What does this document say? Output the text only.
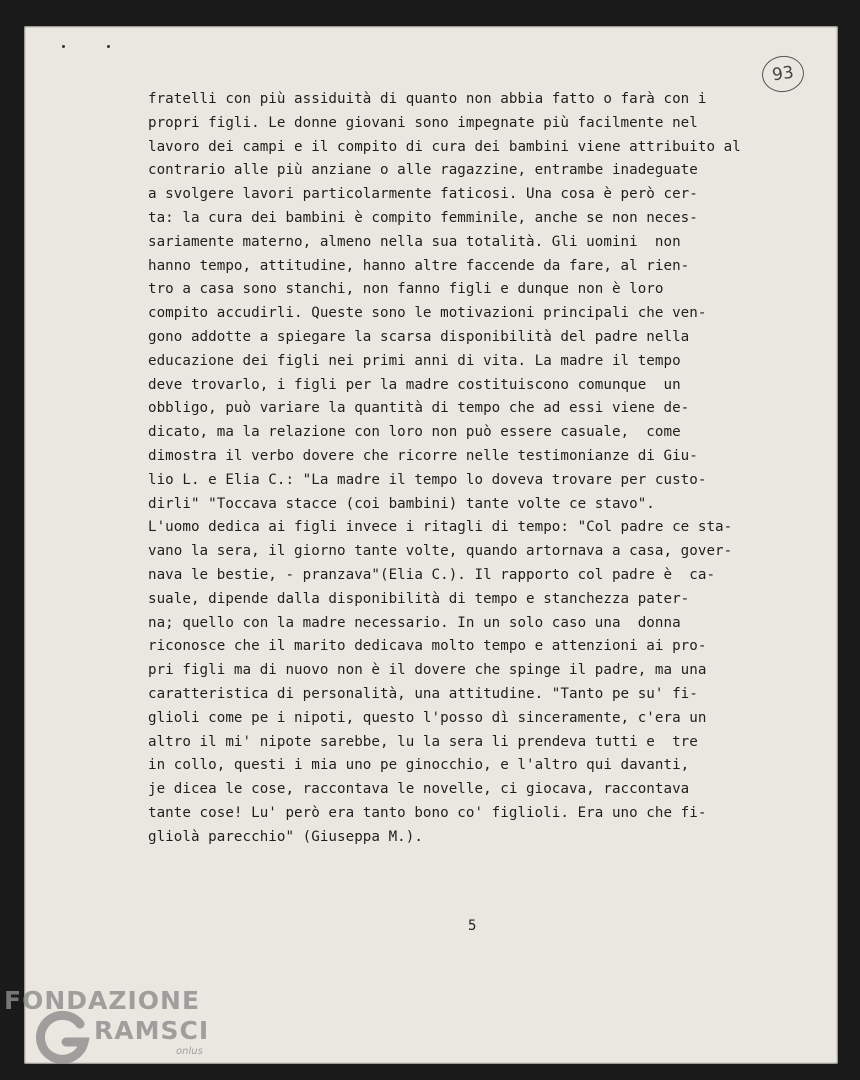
93
fratelli con più assiduità di quanto non abbia fatto o farà con i
propri figli. Le donne giovani sono impegnate più facilmente nel
lavoro dei campi e il compito di cura dei bambini viene attribuito al
contrario alle più anziane o alle ragazzine, entrambe inadeguate
a svolgere lavori particolarmente faticosi. Una cosa è però cer-
ta: la cura dei bambini è compito femminile, anche se non neces-
sariamente materno, almeno nella sua totalità. Gli uomini  non
hanno tempo, attitudine, hanno altre faccende da fare, al rien-
tro a casa sono stanchi, non fanno figli e dunque non è loro
compito accudirli. Queste sono le motivazioni principali che ven-
gono addotte a spiegare la scarsa disponibilità del padre nella
educazione dei figli nei primi anni di vita. La madre il tempo
deve trovarlo, i figli per la madre costituiscono comunque  un
obbligo, può variare la quantità di tempo che ad essi viene de-
dicato, ma la relazione con loro non può essere casuale,  come
dimostra il verbo dovere che ricorre nelle testimonianze di Giu-
lio L. e Elia C.: "La madre il tempo lo doveva trovare per custo-
dirli" "Toccava stacce (coi bambini) tante volte ce stavo".
L'uomo dedica ai figli invece i ritagli di tempo: "Col padre ce sta-
vano la sera, il giorno tante volte, quando artornava a casa, gover-
nava le bestie, - pranzava"(Elia C.). Il rapporto col padre è  ca-
suale, dipende dalla disponibilità di tempo e stanchezza pater-
na; quello con la madre necessario. In un solo caso una  donna
riconosce che il marito dedicava molto tempo e attenzioni ai pro-
pri figli ma di nuovo non è il dovere che spinge il padre, ma una
caratteristica di personalità, una attitudine. "Tanto pe su' fi-
glioli come pe i nipoti, questo l'posso dì sinceramente, c'era un
altro il mi' nipote sarebbe, lu la sera li prendeva tutti e  tre
in collo, questi i mia uno pe ginocchio, e l'altro qui davanti,
je dicea le cose, raccontava le novelle, ci giocava, raccontava
tante cose! Lu' però era tanto bono co' figlioli. Era uno che fi-
gliolà parecchio" (Giuseppa M.).
5
FONDAZIONE
RAMSCI
onlus
